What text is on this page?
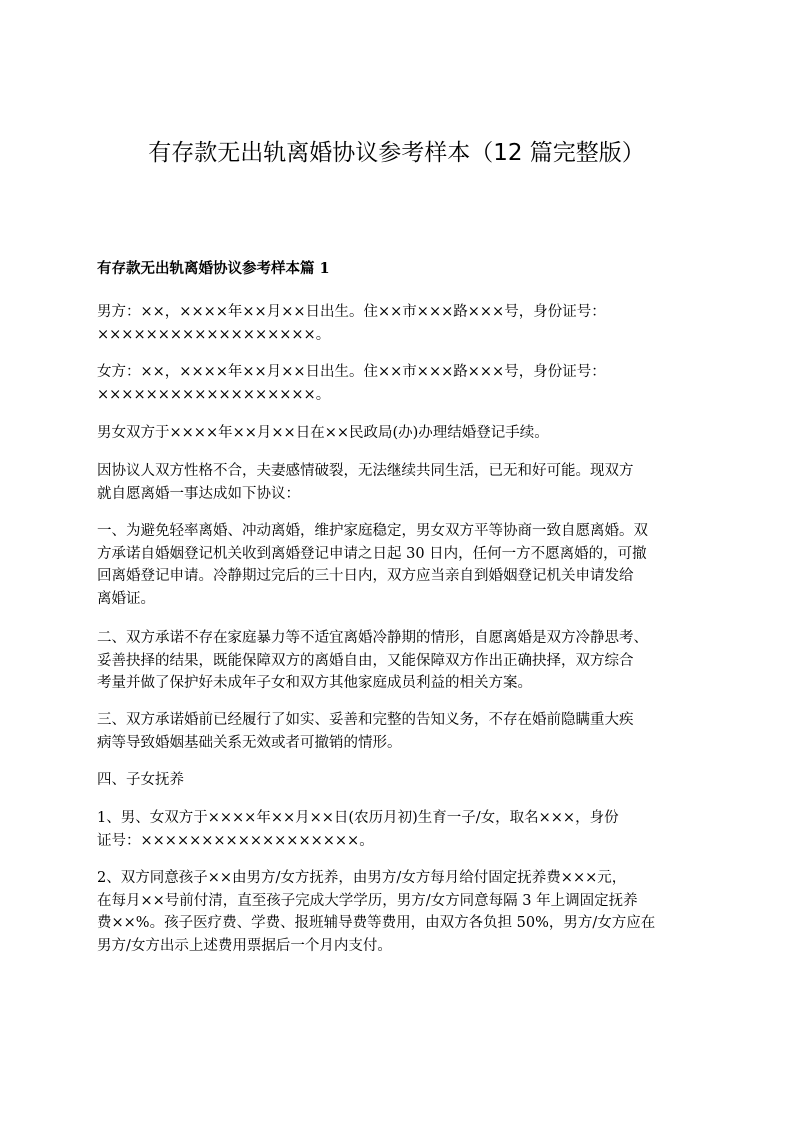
有存款无出轨离婚协议参考样本（12 篇完整版）
有存款无出轨离婚协议参考样本篇 1
男方：××，××××年××月××日出生。住××市×××路×××号，身份证号：
××××××××××××××××××。
女方：××，××××年××月××日出生。住××市×××路×××号，身份证号：
××××××××××××××××××。
男女双方于××××年××月××日在××民政局(办)办理结婚登记手续。
因协议人双方性格不合，夫妻感情破裂，无法继续共同生活，已无和好可能。现双方
就自愿离婚一事达成如下协议：
一、为避免轻率离婚、冲动离婚，维护家庭稳定，男女双方平等协商一致自愿离婚。双
方承诺自婚姻登记机关收到离婚登记申请之日起 30 日内，任何一方不愿离婚的，可撤
回离婚登记申请。冷静期过完后的三十日内，双方应当亲自到婚姻登记机关申请发给
离婚证。
二、双方承诺不存在家庭暴力等不适宜离婚冷静期的情形，自愿离婚是双方冷静思考、
妥善抉择的结果，既能保障双方的离婚自由，又能保障双方作出正确抉择，双方综合
考量并做了保护好未成年子女和双方其他家庭成员利益的相关方案。
三、双方承诺婚前已经履行了如实、妥善和完整的告知义务，不存在婚前隐瞒重大疾
病等导致婚姻基础关系无效或者可撤销的情形。
四、子女抚养
1、男、女双方于××××年××月××日(农历月初)生育一子/女，取名×××，身份
证号：××××××××××××××××××。
2、双方同意孩子××由男方/女方抚养，由男方/女方每月给付固定抚养费×××元，
在每月××号前付清，直至孩子完成大学学历，男方/女方同意每隔 3 年上调固定抚养
费××%。孩子医疗费、学费、报班辅导费等费用，由双方各负担 50%，男方/女方应在
男方/女方出示上述费用票据后一个月内支付。
